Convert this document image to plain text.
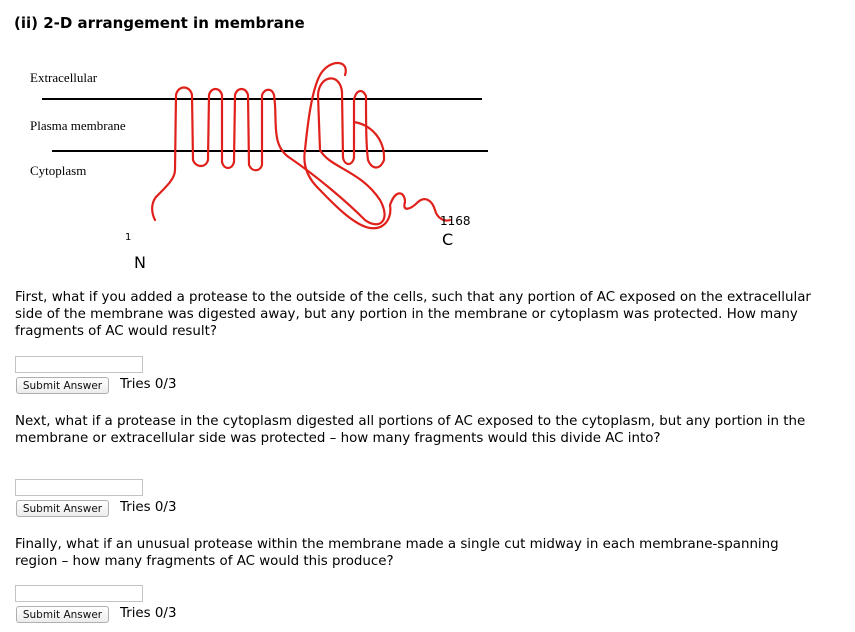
(ii) 2-D arrangement in membrane
Extracellular
Plasma membrane
Cytoplasm
1
N
1168
C
First, what if you added a protease to the outside of the cells, such that any portion of AC exposed on the extracellular side of the membrane was digested away, but any portion in the membrane or cytoplasm was protected. How many fragments of AC would result?
Submit Answer	Tries 0/3
Next, what if a protease in the cytoplasm digested all portions of AC exposed to the cytoplasm, but any portion in the membrane or extracellular side was protected – how many fragments would this divide AC into?
Submit Answer	Tries 0/3
Finally, what if an unusual protease within the membrane made a single cut midway in each membrane-spanning region – how many fragments of AC would this produce?
Submit Answer	Tries 0/3
